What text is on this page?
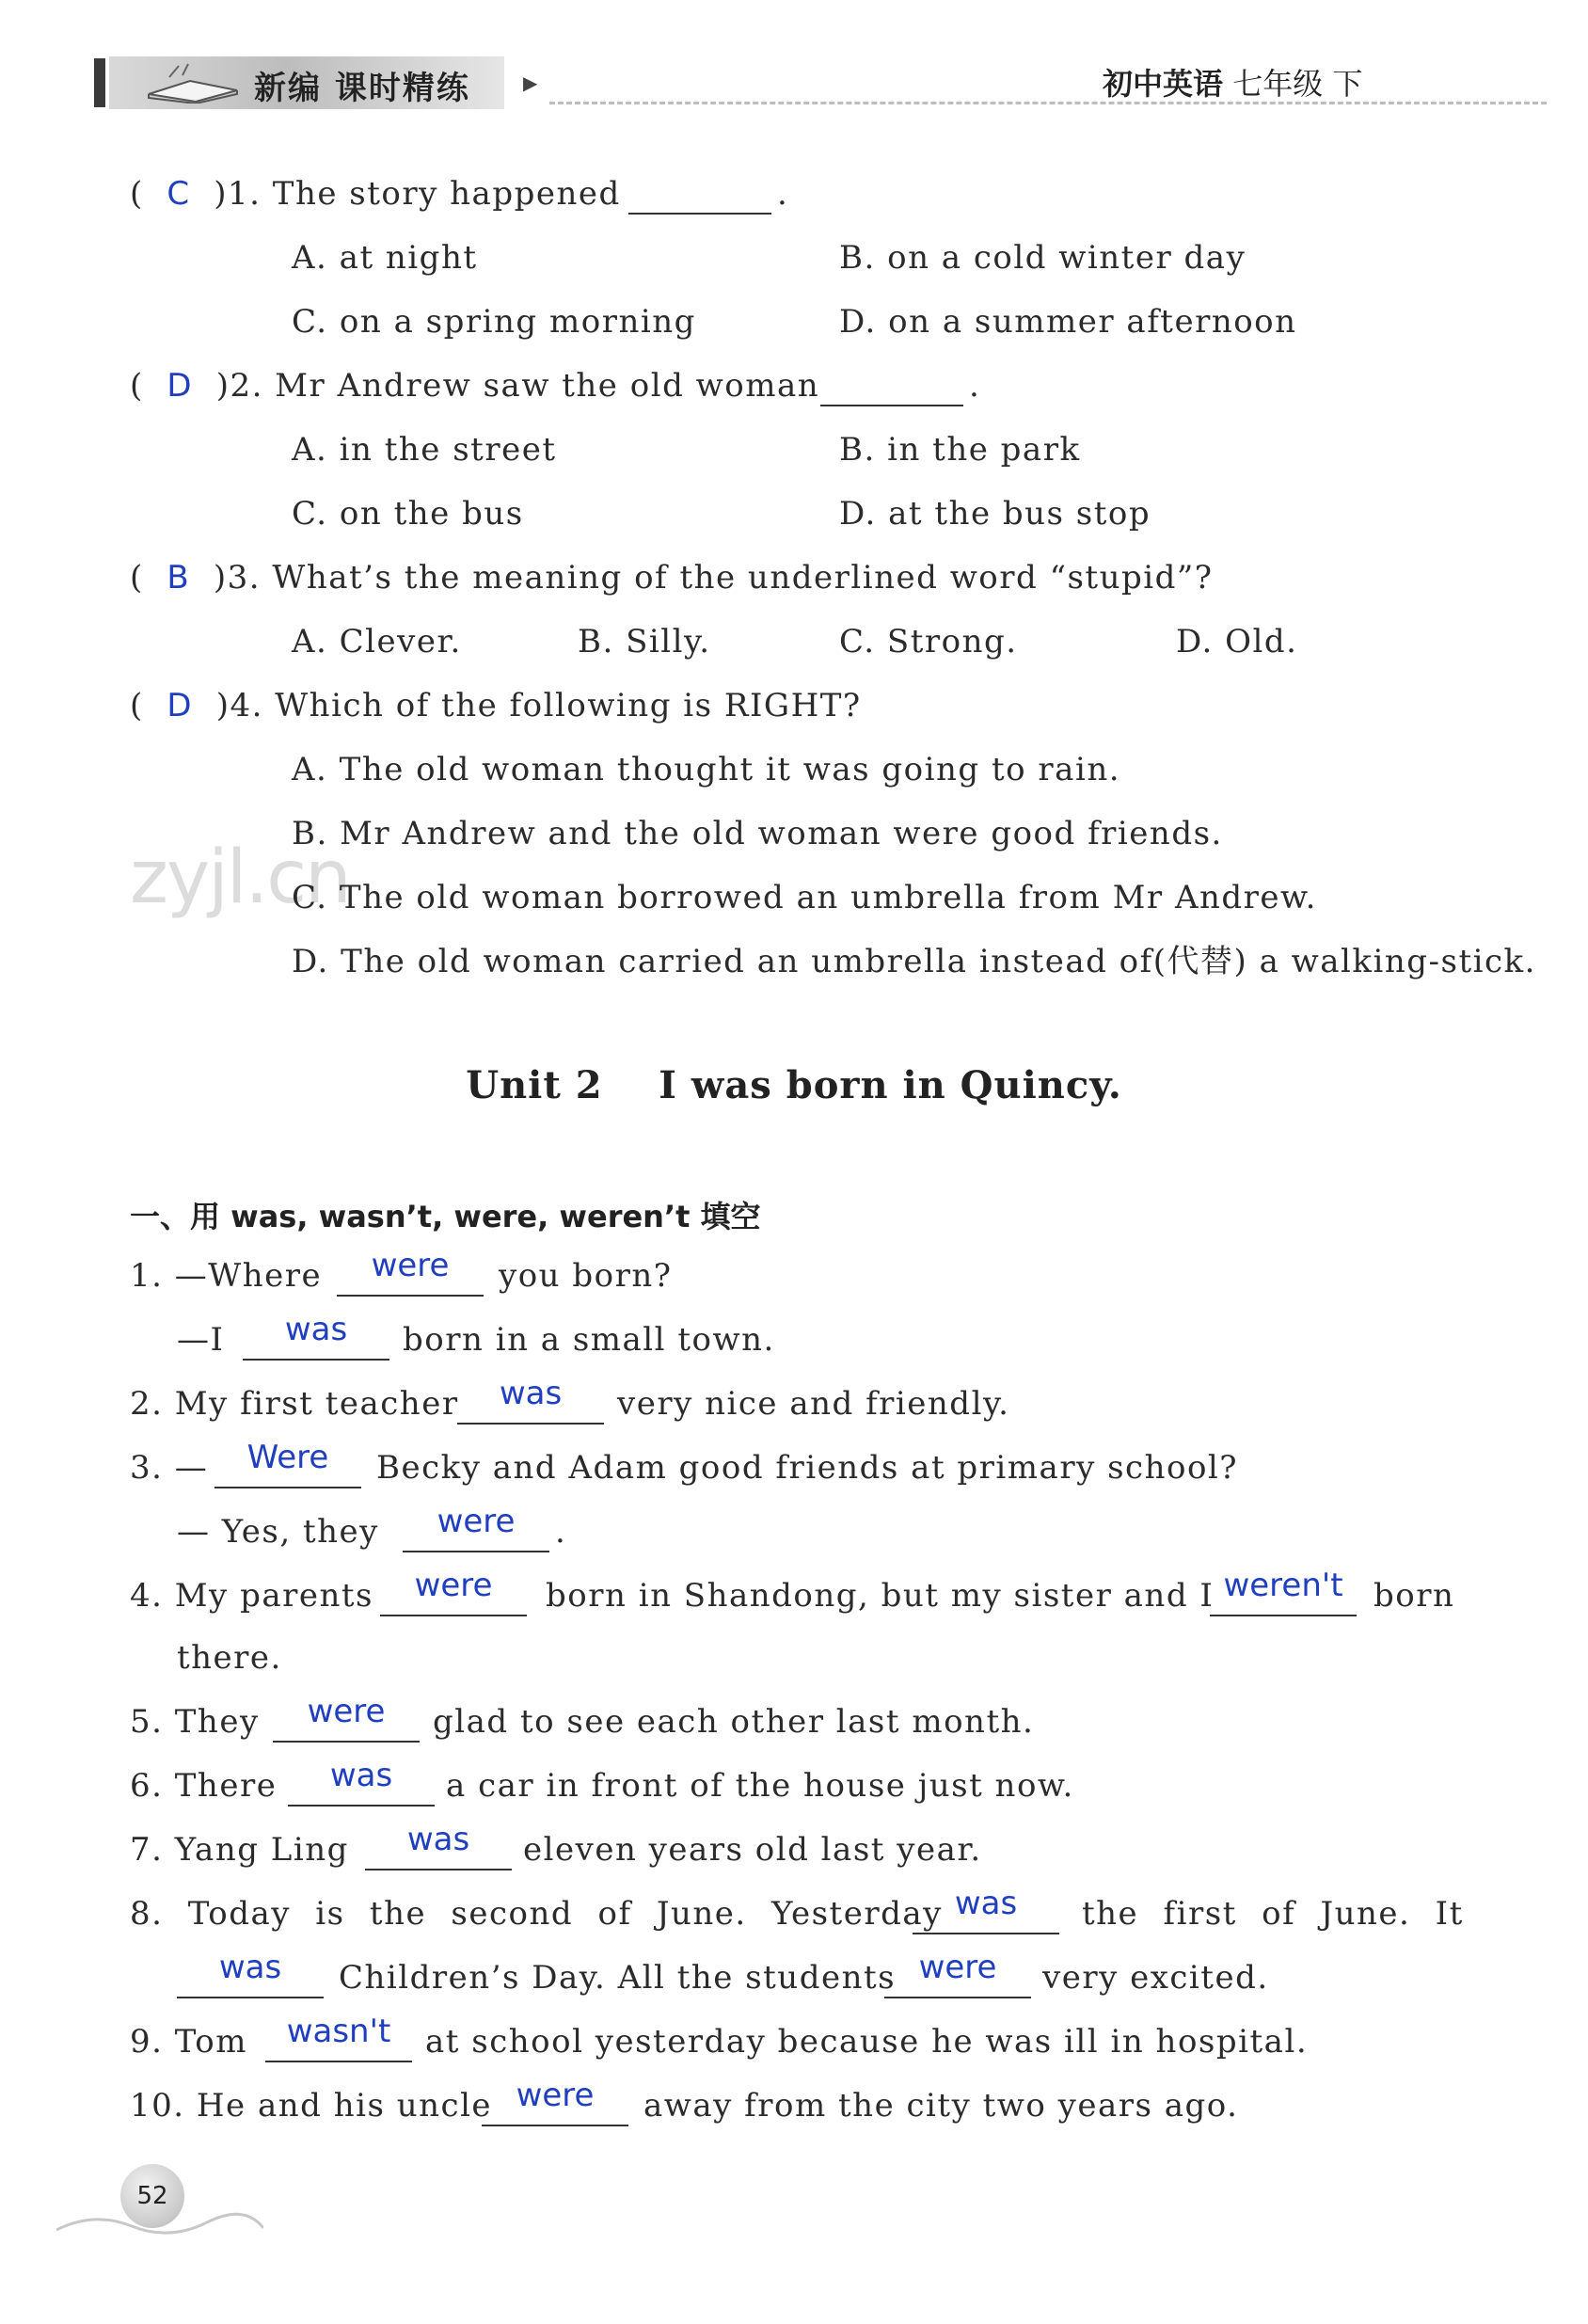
新编 课时精练	▶	初中英语 七年级 下
(  C )1. The story happened	.
A. at night	B. on a cold winter day
C. on a spring morning	D. on a summer afternoon
(  D )2. Mr Andrew saw the old woman	.
A. in the street	B. in the park
C. on the bus	D. at the bus stop
(  B )3. What’s the meaning of the underlined word “stupid”?
A. Clever.	B. Silly.	C. Strong.	D. Old.
(  D )4. Which of the following is RIGHT?
A. The old woman thought it was going to rain.
B. Mr Andrew and the old woman were good friends.
zyjl.cn
C. The old woman borrowed an umbrella from Mr Andrew.
D. The old woman carried an umbrella instead of(代替) a walking-stick.
Unit 2    I was born in Quincy.
一、用 was, wasn’t, were, weren’t 填空
1. —Where	were	you born?
—I	was	born in a small town.
2. My first teacher	was	very nice and friendly.
3. —	Were	Becky and Adam good friends at primary school?
— Yes, they	were	.
4. My parents	were	born in Shandong, but my sister and I weren't born
there.
5. They	were	glad to see each other last month.
6. There	was	a car in front of the house just now.
7. Yang Ling	was	eleven years old last year.
8. Today is the second of June. Yesterday was	the first of June. It
was	Children’s Day. All the students were	very excited.
9. Tom	wasn't	at school yesterday because he was ill in hospital.
10. He and his uncle were	away from the city two years ago.
52
